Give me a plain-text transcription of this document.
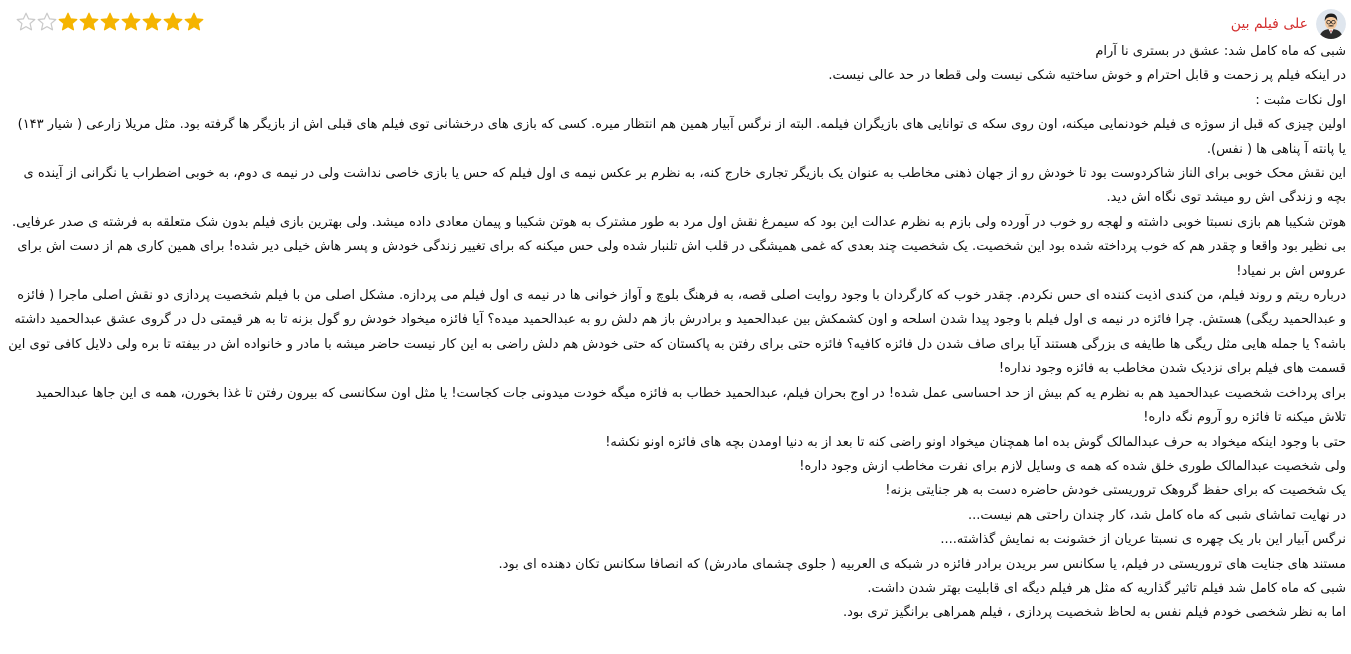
علی فیلم بین

شبی که ماه کامل شد: عشق در بستری نا آرام

در اینکه فیلم پر زحمت و قابل احترام و خوش ساختیه شکی نیست ولی قطعا در حد عالی نیست.

اول نکات مثبت :

اولین چیزی که قبل از سوژه ی فیلم خودنمایی میکنه، اون روی سکه ی توانایی های بازیگران فیلمه. البته از نرگس آبیار همین هم انتظار میره. کسی که بازی های درخشانی توی فیلم های قبلی اش از بازیگر ها گرفته بود. مثل مریلا زارعی ( شیار ۱۴۳) یا پانته آ پناهی ها ( نفس).

این نقش محک خوبی برای الناز شاکردوست بود تا خودش رو از جهان ذهنی مخاطب به عنوان یک بازیگر تجاری خارج کنه، به نظرم بر عکس نیمه ی اول فیلم که حس یا بازی خاصی نداشت ولی در نیمه ی دوم، به خوبی اضطراب یا نگرانی از آینده ی بچه و زندگی اش رو میشد توی نگاه اش دید.

هوتن شکیبا هم بازی نسبتا خوبی داشته و لهجه رو خوب در آورده ولی بازم به نظرم عدالت این بود که سیمرغ نقش اول مرد به طور مشترک به هوتن شکیبا و پیمان معادی داده میشد. ولی بهترین بازی فیلم بدون شک متعلقه به فرشته ی صدر عرفایی. بی نظیر بود واقعا و چقدر هم که خوب پرداخته شده بود این شخصیت. یک شخصیت چند بعدی که غمی همیشگی در قلب اش تلنبار شده ولی حس میکنه که برای تغییر زندگی خودش و پسر هاش خیلی دیر شده! برای همین کاری هم از دست اش برای عروس اش بر نمیاد!

درباره ریتم و روند فیلم، من کندی اذیت کننده ای حس نکردم. چقدر خوب که کارگردان با وجود روایت اصلی قصه، به فرهنگ بلوچ و آواز خوانی ها در نیمه ی اول فیلم می پردازه. مشکل اصلی من با فیلم شخصیت پردازی دو نقش اصلی ماجرا ( فائزه و عبدالحمید ریگی) هستش. چرا فائزه در نیمه ی اول فیلم با وجود پیدا شدن اسلحه و اون کشمکش بین عبدالحمید و برادرش باز هم دلش رو به عبدالحمید میده؟ آیا فائزه میخواد خودش رو گول بزنه تا به هر قیمتی دل در گروی عشق عبدالحمید داشته باشه؟ یا جمله هایی مثل ریگی ها طایفه ی بزرگی هستند آیا برای صاف شدن دل فائزه کافیه؟ فائزه حتی برای رفتن به پاکستان که حتی خودش هم دلش راضی به این کار نیست حاضر میشه با مادر و خانواده اش در بیفته تا بره ولی دلایل کافی توی این قسمت های فیلم برای نزدیک شدن مخاطب به فائزه وجود نداره!

برای پرداخت شخصیت عبدالحمید هم به نظرم یه کم بیش از حد احساسی عمل شده! در اوج بحران فیلم، عبدالحمید خطاب به فائزه میگه خودت میدونی جات کجاست! یا مثل اون سکانسی که بیرون رفتن تا غذا بخورن، همه ی این جاها عبدالحمید تلاش میکنه تا فائزه رو آروم نگه داره!

حتی با وجود اینکه میخواد به حرف عبدالمالک گوش بده اما همچنان میخواد اونو راضی کنه تا بعد از به دنیا اومدن بچه های فائزه اونو نکشه!

ولی شخصیت عبدالمالک طوری خلق شده که همه ی وسایل لازم برای نفرت مخاطب ازش وجود داره!

یک شخصیت که برای حفظ گروهک تروریستی خودش حاضره دست به هر جنایتی بزنه!

در نهایت تماشای شبی که ماه کامل شد، کار چندان راحتی هم نیست...

نرگس آبیار این بار یک چهره ی نسبتا عریان از خشونت به نمایش گذاشته....

مستند های جنایت های تروریستی در فیلم، یا سکانس سر بریدن برادر فائزه در شبکه ی العربیه ( جلوی چشمای مادرش) که انصافا سکانس تکان دهنده ای بود.

شبی که ماه کامل شد فیلم تاثیر گذاریه که مثل هر فیلم دیگه ای قابلیت بهتر شدن داشت.

اما به نظر شخصی خودم فیلم نفس به لحاظ شخصیت پردازی ، فیلم همراهی برانگیز تری بود.
